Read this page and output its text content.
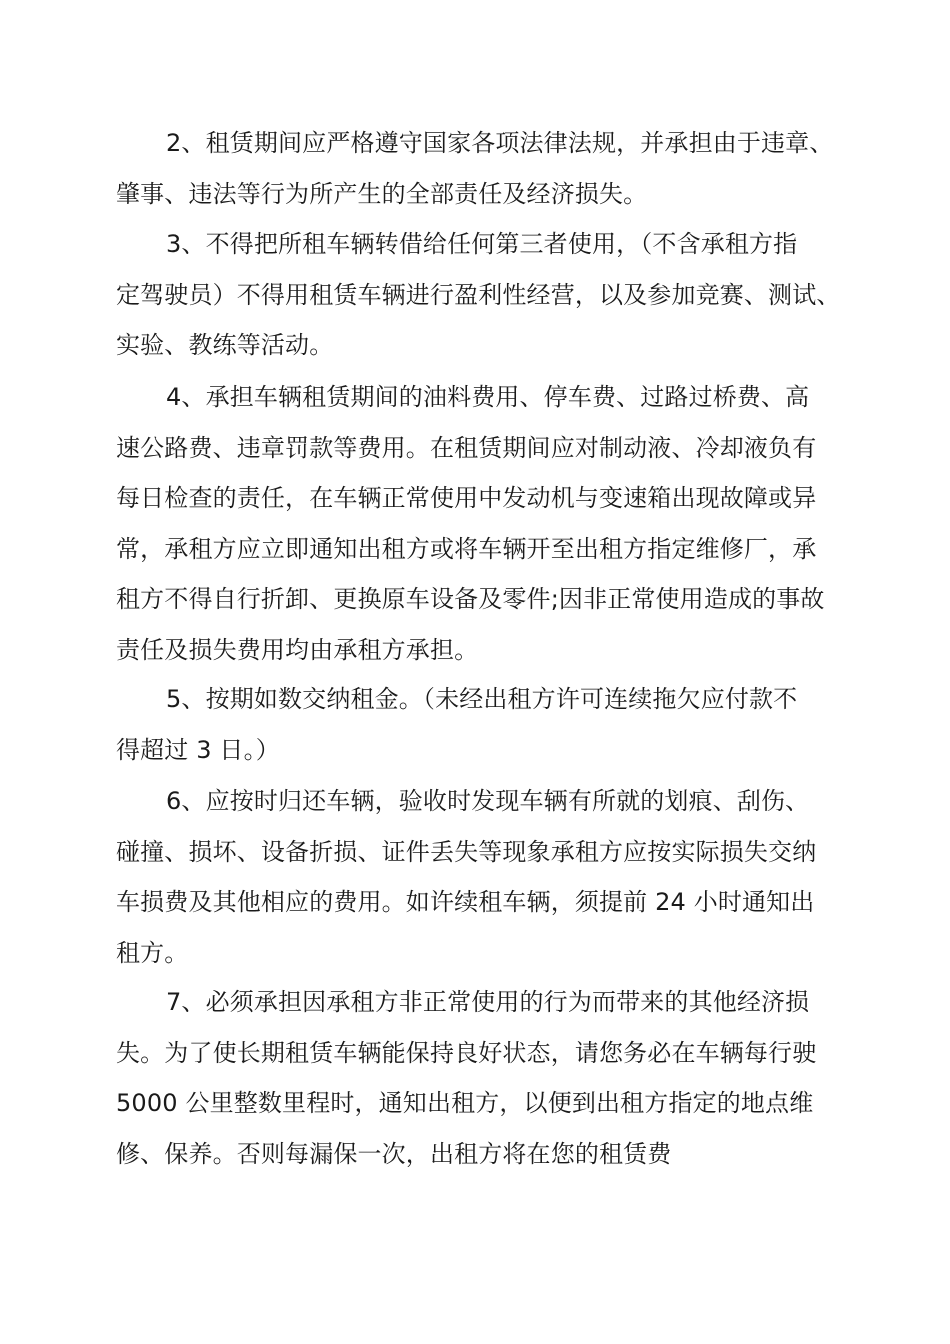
2、租赁期间应严格遵守国家各项法律法规，并承担由于违章、
肇事、违法等行为所产生的全部责任及经济损失。
3、不得把所租车辆转借给任何第三者使用，（不含承租方指
定驾驶员）不得用租赁车辆进行盈利性经营，以及参加竞赛、测试、
实验、教练等活动。
4、承担车辆租赁期间的油料费用、停车费、过路过桥费、高
速公路费、违章罚款等费用。在租赁期间应对制动液、冷却液负有
每日检查的责任，在车辆正常使用中发动机与变速箱出现故障或异
常，承租方应立即通知出租方或将车辆开至出租方指定维修厂，承
租方不得自行折卸、更换原车设备及零件;因非正常使用造成的事故
责任及损失费用均由承租方承担。
5、按期如数交纳租金。（未经出租方许可连续拖欠应付款不
得超过 3 日。）
6、应按时归还车辆，验收时发现车辆有所就的划痕、刮伤、
碰撞、损坏、设备折损、证件丢失等现象承租方应按实际损失交纳
车损费及其他相应的费用。如许续租车辆，须提前 24 小时通知出
租方。
7、必须承担因承租方非正常使用的行为而带来的其他经济损
失。为了使长期租赁车辆能保持良好状态，请您务必在车辆每行驶
5000 公里整数里程时，通知出租方，以便到出租方指定的地点维
修、保养。否则每漏保一次，出租方将在您的租赁费
